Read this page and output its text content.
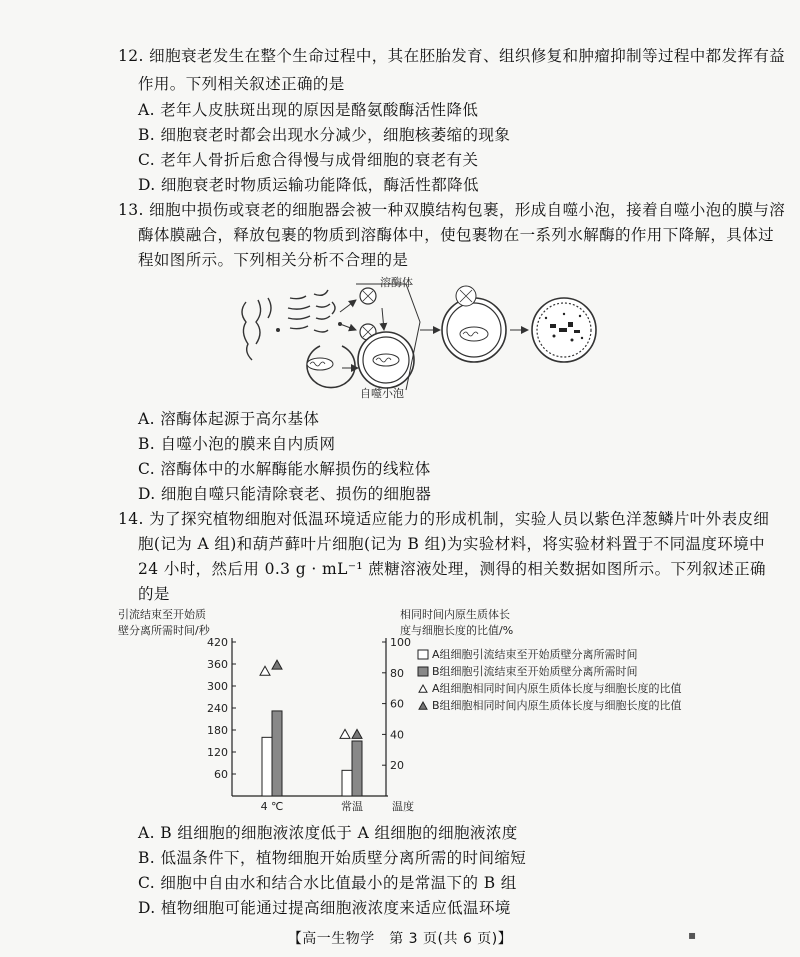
12. 细胞衰老发生在整个生命过程中，其在胚胎发育、组织修复和肿瘤抑制等过程中都发挥有益
作用。下列相关叙述正确的是
A. 老年人皮肤斑出现的原因是酪氨酸酶活性降低
B. 细胞衰老时都会出现水分减少，细胞核萎缩的现象
C. 老年人骨折后愈合得慢与成骨细胞的衰老有关
D. 细胞衰老时物质运输功能降低，酶活性都降低
13. 细胞中损伤或衰老的细胞器会被一种双膜结构包裹，形成自噬小泡，接着自噬小泡的膜与溶
酶体膜融合，释放包裹的物质到溶酶体中，使包裹物在一系列水解酶的作用下降解，具体过
程如图所示。下列相关分析不合理的是
溶酶体
自噬小泡
A. 溶酶体起源于高尔基体
B. 自噬小泡的膜来自内质网
C. 溶酶体中的水解酶能水解损伤的线粒体
D. 细胞自噬只能清除衰老、损伤的细胞器
14. 为了探究植物细胞对低温环境适应能力的形成机制，实验人员以紫色洋葱鳞片叶外表皮细
胞(记为 A 组)和葫芦藓叶片细胞(记为 B 组)为实验材料，将实验材料置于不同温度环境中
24 小时，然后用 0.3 g · mL⁻¹ 蔗糖溶液处理，测得的相关数据如图所示。下列叙述正确
的是
引流结束至开始质
壁分离所需时间/秒
相同时间内原生质体长
度与细胞长度的比值/%
60
120
180
240
300
360
420
20
40
60
80
100
4 ℃	常温	温度
A组细胞引流结束至开始质壁分离所需时间
B组细胞引流结束至开始质壁分离所需时间
A组细胞相同时间内原生质体长度与细胞长度的比值
B组细胞相同时间内原生质体长度与细胞长度的比值
A. B 组细胞的细胞液浓度低于 A 组细胞的细胞液浓度
B. 低温条件下，植物细胞开始质壁分离所需的时间缩短
C. 细胞中自由水和结合水比值最小的是常温下的 B 组
D. 植物细胞可能通过提高细胞液浓度来适应低温环境
【高一生物学　第 3 页(共 6 页)】	▪
